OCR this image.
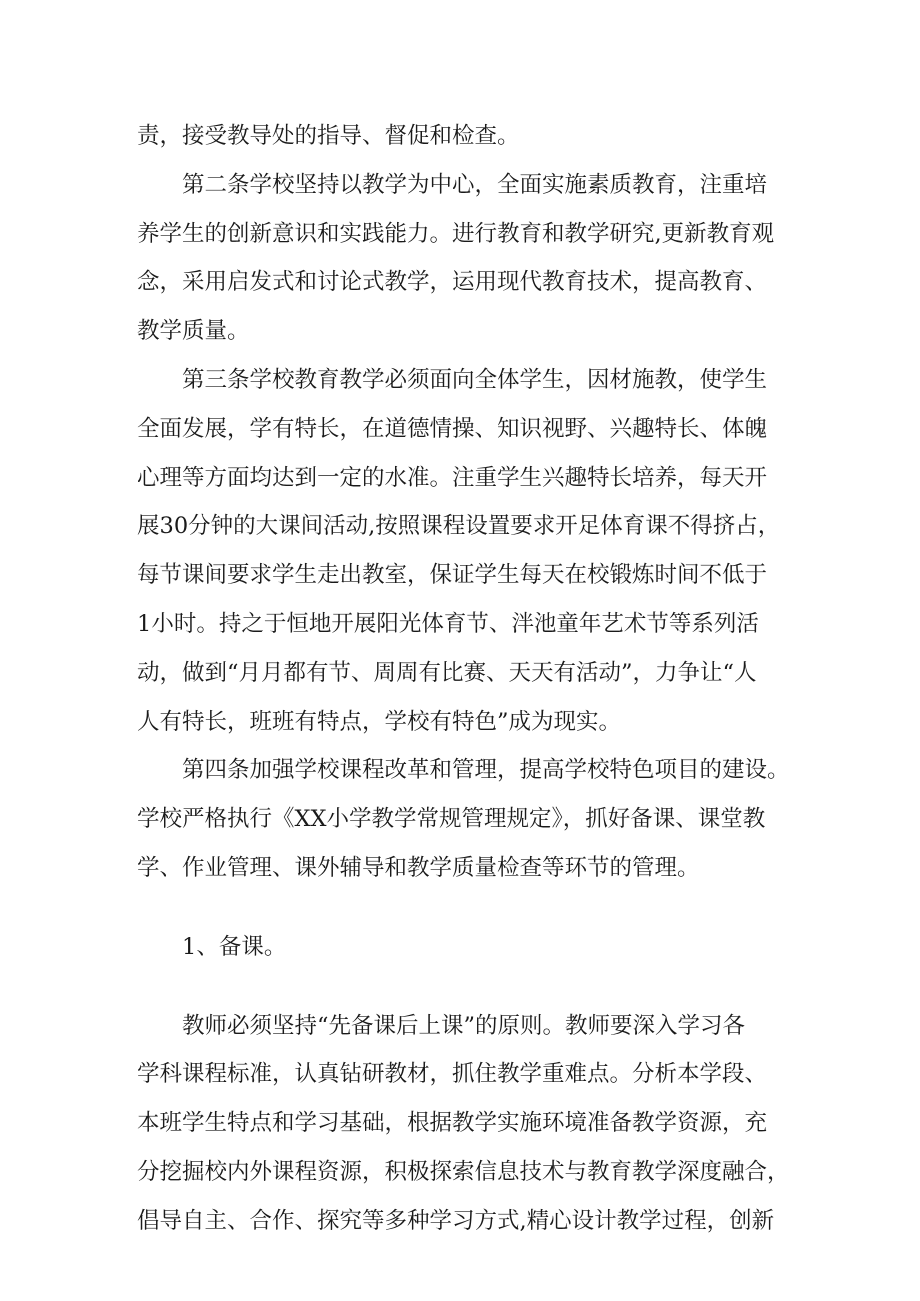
责，接受教导处的指导、督促和检查。

　　第二条学校坚持以教学为中心，全面实施素质教育，注重培
养学生的创新意识和实践能力。进行教育和教学研究,更新教育观
念，采用启发式和讨论式教学，运用现代教育技术，提高教育、
教学质量。

　　第三条学校教育教学必须面向全体学生，因材施教，使学生
全面发展，学有特长，在道德情操、知识视野、兴趣特长、体魄
心理等方面均达到一定的水准。注重学生兴趣特长培养，每天开
展30分钟的大课间活动,按照课程设置要求开足体育课不得挤占，
每节课间要求学生走出教室，保证学生每天在校锻炼时间不低于
1小时。持之于恒地开展阳光体育节、泮池童年艺术节等系列活
动，做到“月月都有节、周周有比赛、天天有活动”，力争让“人
人有特长，班班有特点，学校有特色”成为现实。

　　第四条加强学校课程改革和管理，提高学校特色项目的建设。
学校严格执行《XX小学教学常规管理规定》，抓好备课、课堂教
学、作业管理、课外辅导和教学质量检查等环节的管理。

　　1、备课。

　　教师必须坚持“先备课后上课”的原则。教师要深入学习各
学科课程标准，认真钻研教材，抓住教学重难点。分析本学段、
本班学生特点和学习基础，根据教学实施环境准备教学资源，充
分挖掘校内外课程资源，积极探索信息技术与教育教学深度融合，
倡导自主、合作、探究等多种学习方式,精心设计教学过程，创新
